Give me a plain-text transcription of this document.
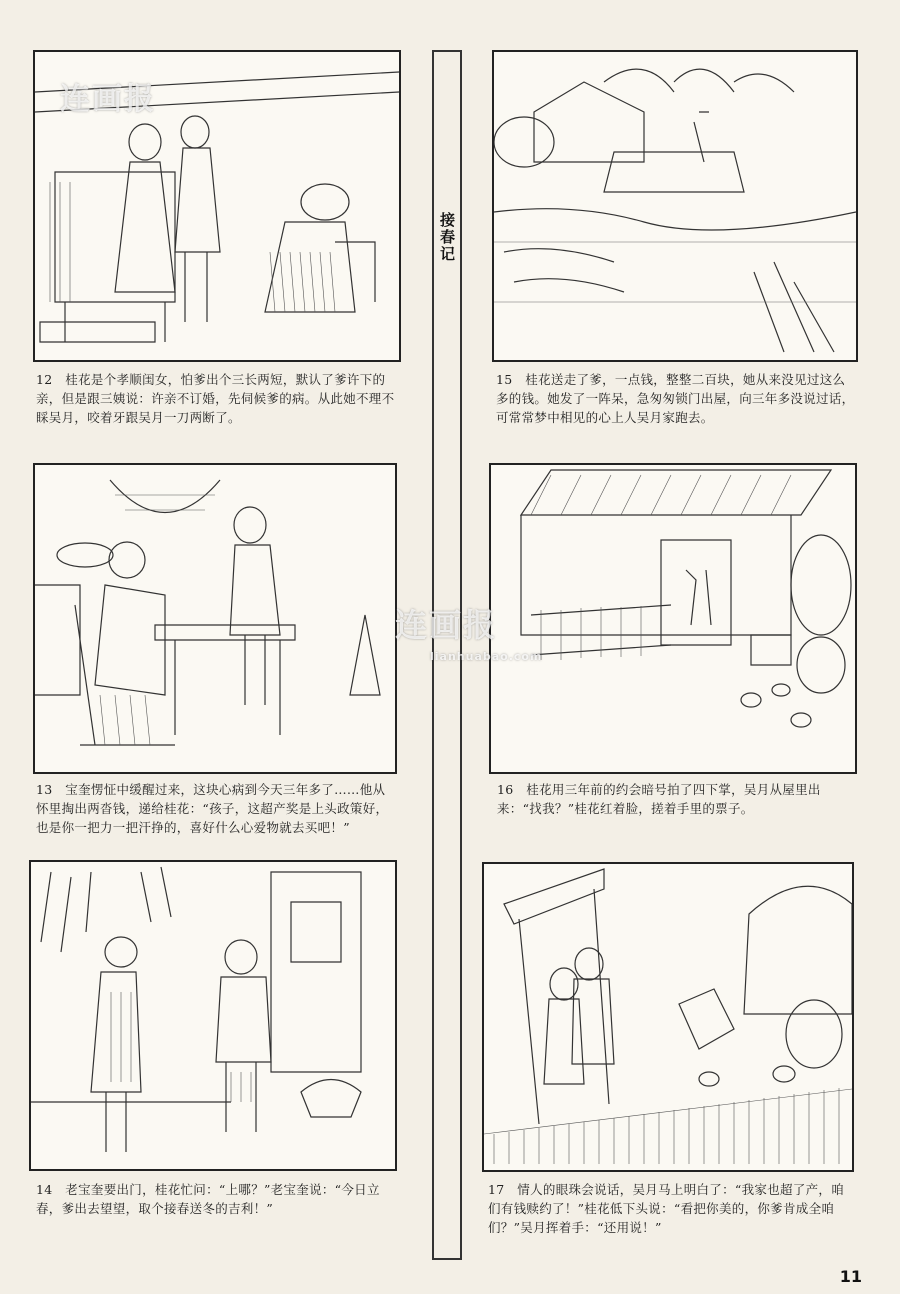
接春记
连画报
12　桂花是个孝顺闺女，怕爹出个三长两短，默认了爹许下的亲，但是跟三姨说：许亲不订婚，先伺候爹的病。从此她不理不睬吴月，咬着牙跟吴月一刀两断了。
15　桂花送走了爹，一点钱，整整二百块，她从来没见过这么多的钱。她发了一阵呆，急匆匆锁门出屋，向三年多没说过话，可常常梦中相见的心上人吴月家跑去。
13　宝奎愣怔中缓醒过来，这块心病到今天三年多了……他从怀里掏出两沓钱，递给桂花：“孩子，这超产奖是上头政策好，也是你一把力一把汗挣的，喜好什么心爱物就去买吧！”
16　桂花用三年前的约会暗号拍了四下掌，吴月从屋里出来：“找我？”桂花红着脸，搓着手里的票子。
14　老宝奎要出门，桂花忙问：“上哪？”老宝奎说：“今日立春，爹出去望望，取个接春送冬的吉利！”
17　情人的眼珠会说话，吴月马上明白了：“我家也超了产，咱们有钱赎约了！”桂花低下头说：“看把你美的，你爹肯成全咱们？”吴月挥着手：“还用说！”
连画报
lianhuabao.com
11
